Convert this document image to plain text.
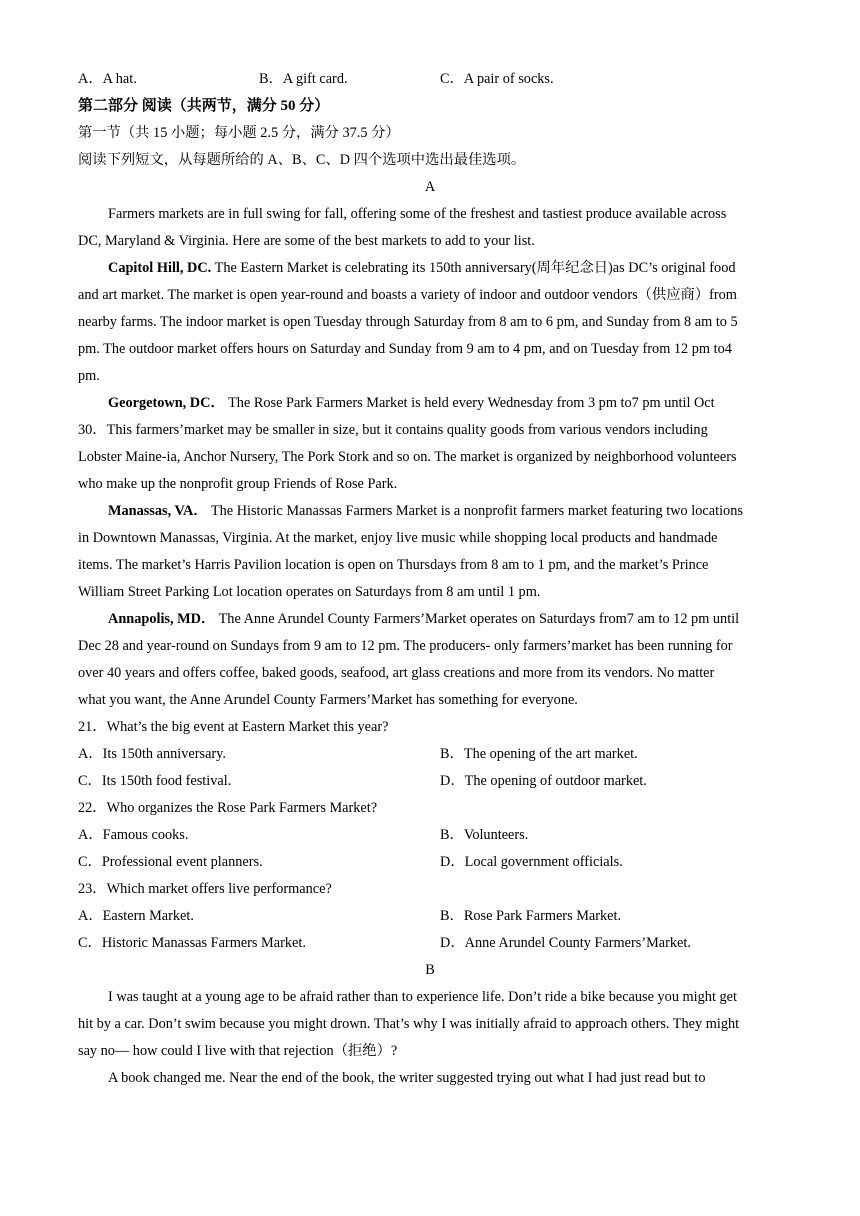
A．A hat.	B．A gift card.	C．A pair of socks.
第二部分 阅读（共两节，满分 50 分）
第一节（共 15 小题；每小题 2.5 分，满分 37.5 分）
阅读下列短文，从每题所给的 A、B、C、D 四个选项中选出最佳选项。
A
Farmers markets are in full swing for fall, offering some of the freshest and tastiest produce available across
DC, Maryland & Virginia. Here are some of the best markets to add to your list.
Capitol Hill, DC. The Eastern Market is celebrating its 150th anniversary(周年纪念日)as DC’s original food
and art market. The market is open year-round and boasts a variety of indoor and outdoor vendors（供应商）from
nearby farms. The indoor market is open Tuesday through Saturday from 8 am to 6 pm, and Sunday from 8 am to 5
pm. The outdoor market offers hours on Saturday and Sunday from 9 am to 4 pm, and on Tuesday from 12 pm to4
pm.
Georgetown, DC． The Rose Park Farmers Market is held every Wednesday from 3 pm to7 pm until Oct
30．This farmers’market may be smaller in size, but it contains quality goods from various vendors including
Lobster Maine-ia, Anchor Nursery, The Pork Stork and so on. The market is organized by neighborhood volunteers
who make up the nonprofit group Friends of Rose Park.
Manassas, VA． The Historic Manassas Farmers Market is a nonprofit farmers market featuring two locations
in Downtown Manassas, Virginia. At the market, enjoy live music while shopping local products and handmade
items. The market’s Harris Pavilion location is open on Thursdays from 8 am to 1 pm, and the market’s Prince
William Street Parking Lot location operates on Saturdays from 8 am until 1 pm.
Annapolis, MD． The Anne Arundel County Farmers’Market operates on Saturdays from7 am to 12 pm until
Dec 28 and year-round on Sundays from 9 am to 12 pm. The producers- only farmers’market has been running for
over 40 years and offers coffee, baked goods, seafood, art glass creations and more from its vendors. No matter
what you want, the Anne Arundel County Farmers’Market has something for everyone.
21．What’s the big event at Eastern Market this year?
A．Its 150th anniversary.	B．The opening of the art market.
C．Its 150th food festival.	D．The opening of outdoor market.
22．Who organizes the Rose Park Farmers Market?
A．Famous cooks.	B．Volunteers.
C．Professional event planners.	D．Local government officials.
23．Which market offers live performance?
A．Eastern Market.	B．Rose Park Farmers Market.
C．Historic Manassas Farmers Market.	D．Anne Arundel County Farmers’Market.
B
I was taught at a young age to be afraid rather than to experience life. Don’t ride a bike because you might get
hit by a car. Don’t swim because you might drown. That’s why I was initially afraid to approach others. They might
say no— how could I live with that rejection（拒绝）?
A book changed me. Near the end of the book, the writer suggested trying out what I had just read but to
